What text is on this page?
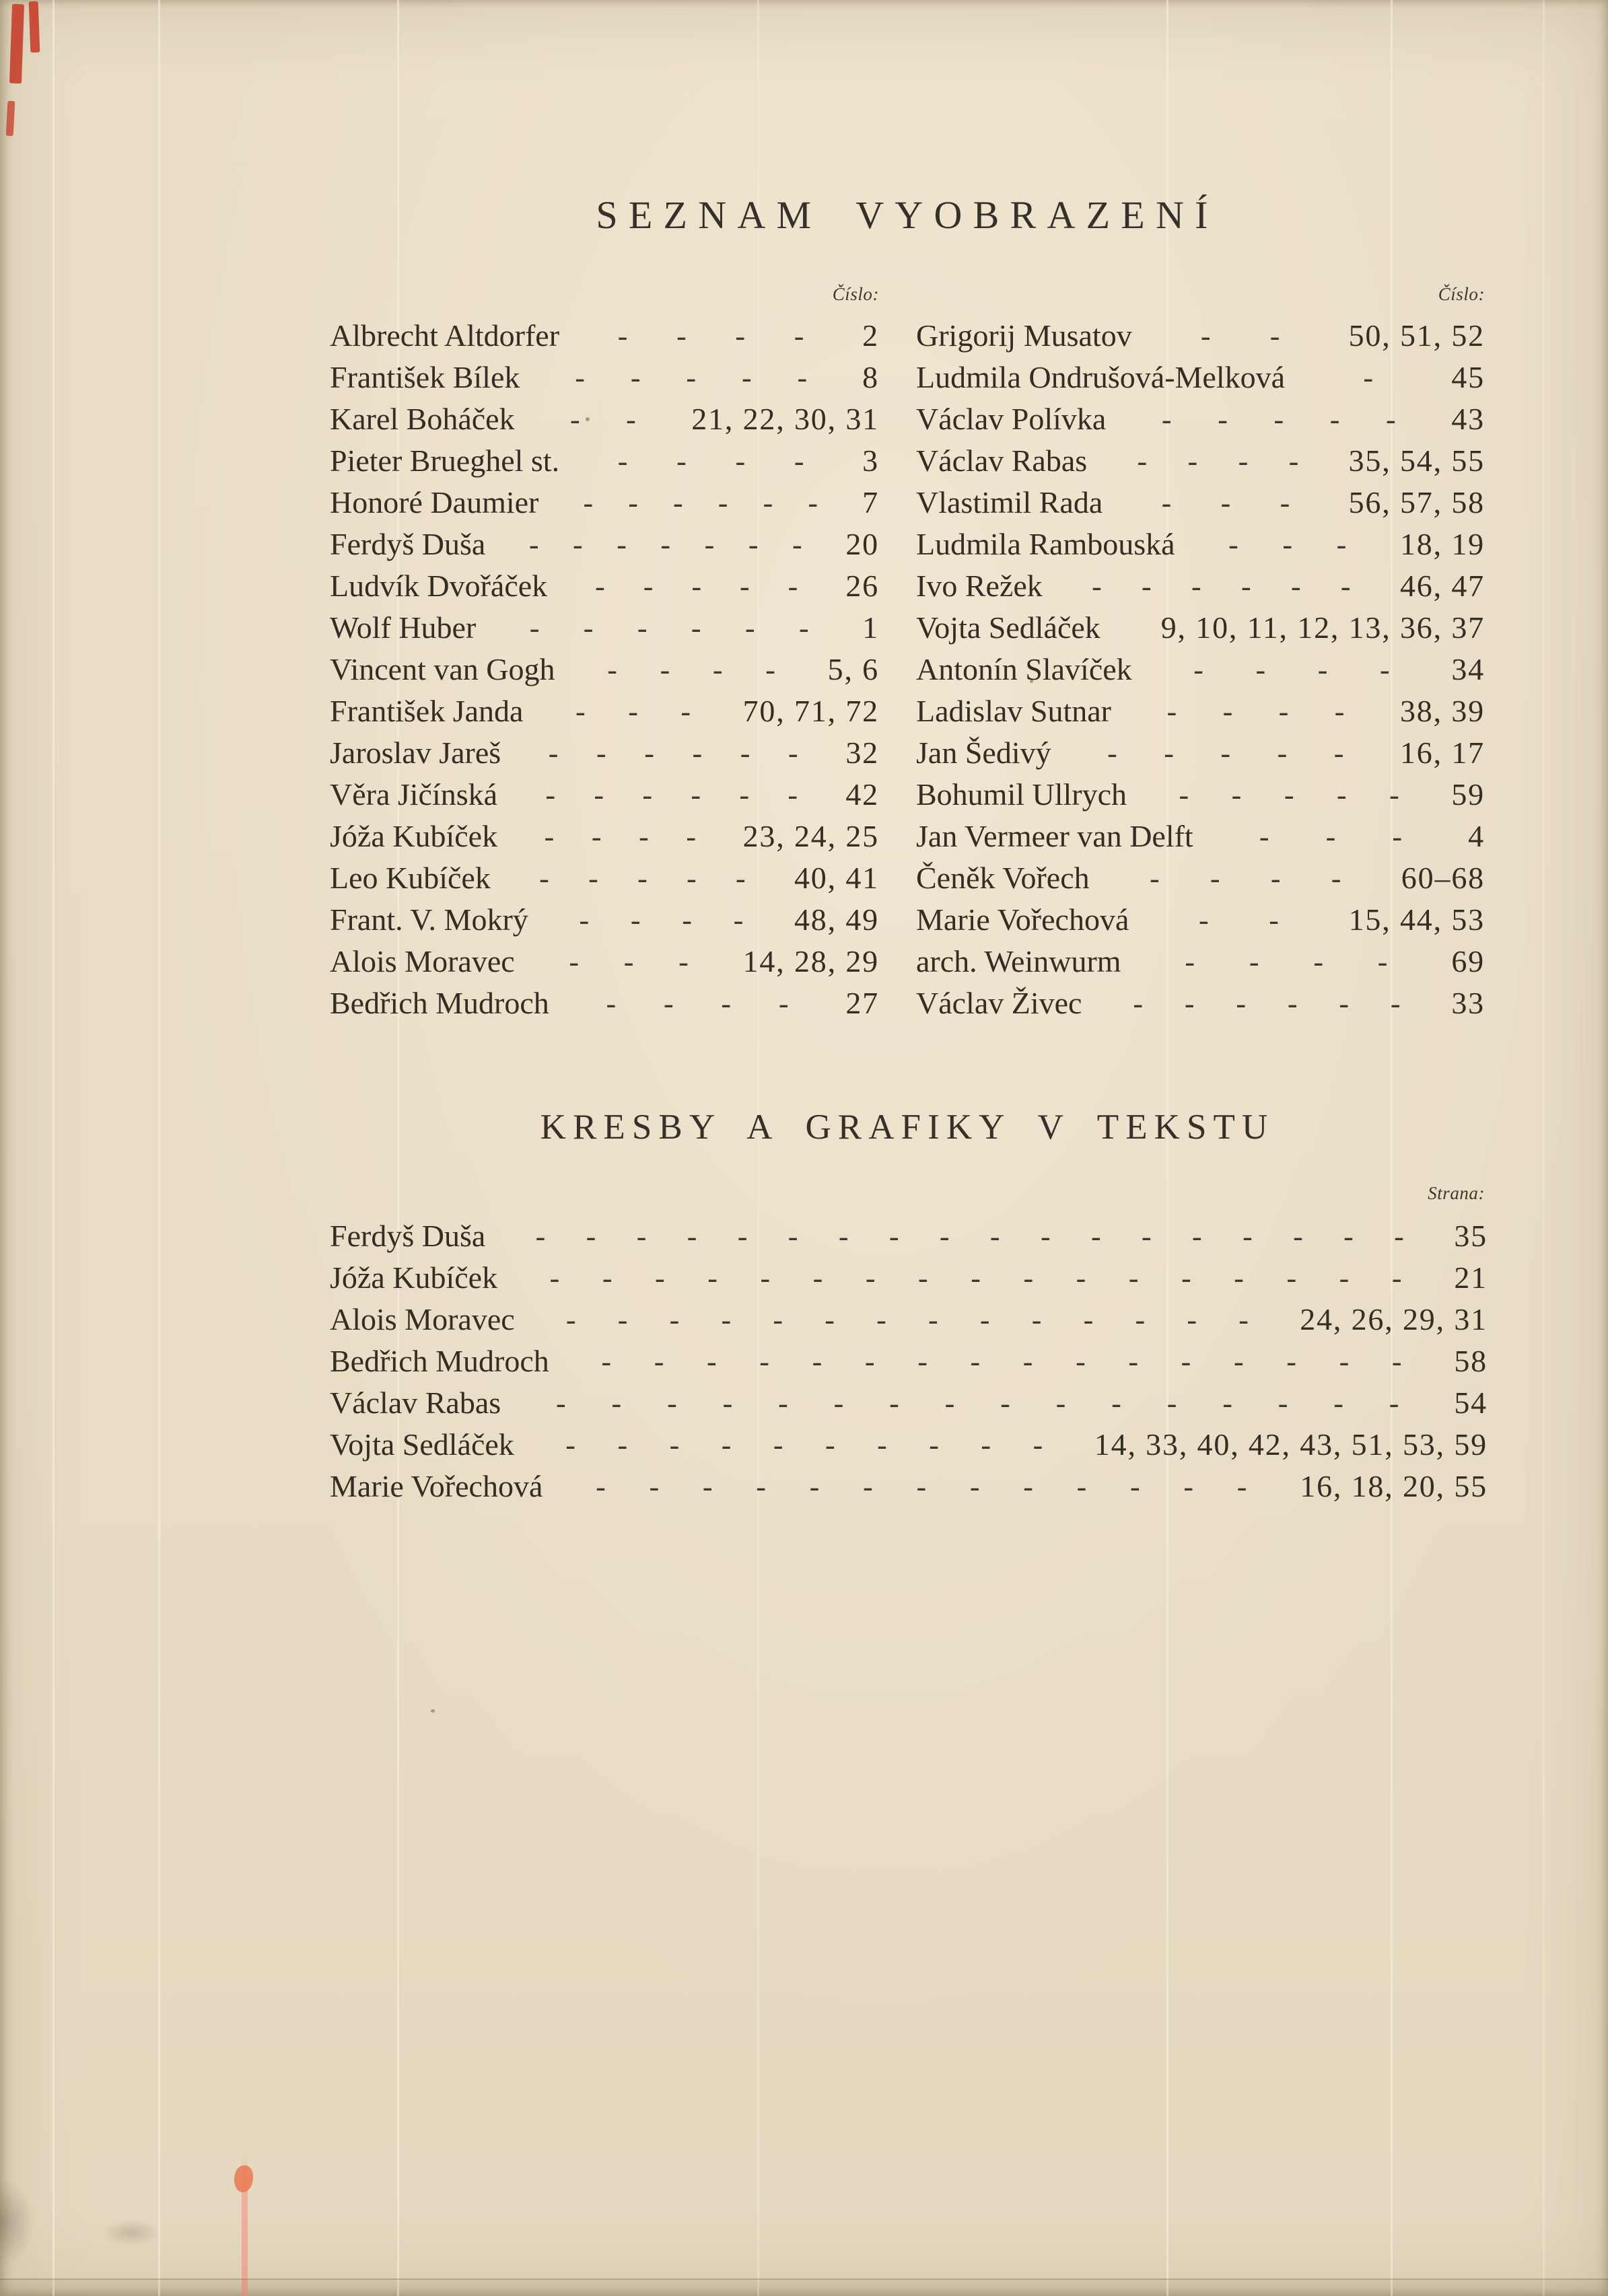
SEZNAM VYOBRAZENÍ
Číslo:
Albrecht Altdorfer - - - - 2
František Bílek - - - - - 8
Karel Boháček - - 21, 22, 30, 31
Pieter Brueghel st. - - - - 3
Honoré Daumier - - - - - - 7
Ferdyš Duša - - - - - - - 20
Ludvík Dvořáček - - - - - 26
Wolf Huber - - - - - - 1
Vincent van Gogh - - - - 5, 6
František Janda - - - 70, 71, 72
Jaroslav Jareš - - - - - - 32
Věra Jičínská - - - - - - 42
Jóža Kubíček - - - - 23, 24, 25
Leo Kubíček - - - - - 40, 41
Frant. V. Mokrý - - - - 48, 49
Alois Moravec - - - 14, 28, 29
Bedřich Mudroch - - - - 27
Číslo:
Grigorij Musatov - - 50, 51, 52
Ludmila Ondrušová-Melková	-	45
Václav Polívka - - - - - 43
Václav Rabas - - - - 35, 54, 55
Vlastimil Rada - - - 56, 57, 58
Ludmila Rambouská - - - 18, 19
Ivo Režek - - - - - - 46, 47
Vojta Sedláček 9, 10, 11, 12, 13, 36, 37
Antonín Slavíček - - - - 34
Ladislav Sutnar - - - - 38, 39
Jan Šedivý - - - - - 16, 17
Bohumil Ullrych - - - - - 59
Jan Vermeer van Delft - - - 4
Čeněk Vořech - - - - 60–68
Marie Vořechová - - 15, 44, 53
arch. Weinwurm - - - - 69
Václav Živec - - - - - - 33
KRESBY A GRAFIKY V TEKSTU
Strana:
Ferdyš Duša - - - - - - - - - - - - - - - - - - 35
Jóža Kubíček - - - - - - - - - - - - - - - - - 21
Alois Moravec - - - - - - - - - - - - - - 24, 26, 29, 31
Bedřich Mudroch - - - - - - - - - - - - - - - - 58
Václav Rabas - - - - - - - - - - - - - - - - 54
Vojta Sedláček - - - - - - - - - - 14, 33, 40, 42, 43, 51, 53, 59
Marie Vořechová - - - - - - - - - - - - - 16, 18, 20, 55
